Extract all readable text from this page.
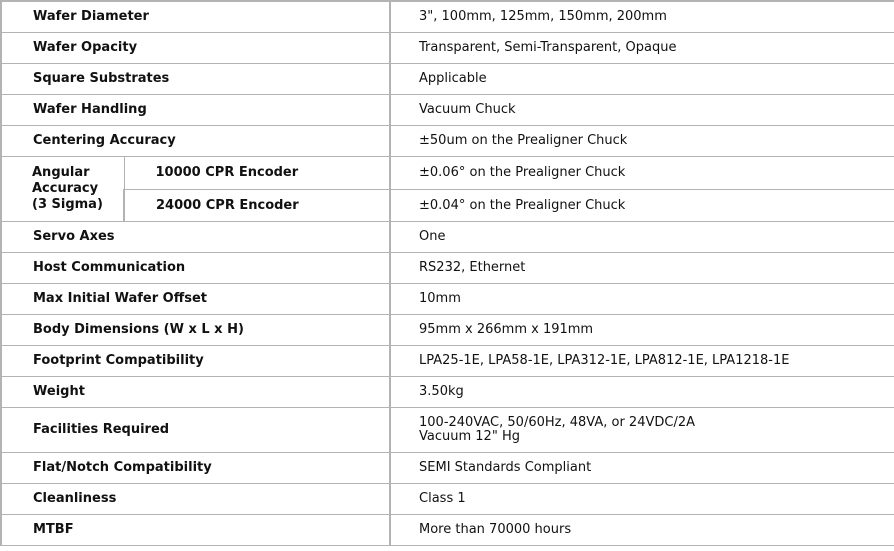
Wafer Diameter		3", 100mm, 125mm, 150mm, 200mm
Wafer Opacity		Transparent, Semi-Transparent, Opaque
Square Substrates		Applicable
Wafer Handling		Vacuum Chuck
Centering Accuracy		±50um on the Prealigner Chuck

Angular
Accuracy
(3 Sigma)	10000 CPR Encoder	±0.06° on the Prealigner Chuck
	24000 CPR Encoder	±0.04° on the Prealigner Chuck
Servo Axes		One
Host Communication		RS232, Ethernet
Max Initial Wafer Offset		10mm
Body Dimensions (W x L x H)		95mm x 266mm x 191mm
Footprint Compatibility		LPA25-1E, LPA58-1E, LPA312-1E, LPA812-1E, LPA1218-1E
Weight		3.50kg
Facilities Required		100-240VAC, 50/60Hz, 48VA, or 24VDC/2A
Vacuum 12" Hg

Flat/Notch Compatibility		SEMI Standards Compliant
Cleanliness		Class 1
MTBF		More than 70000 hours
